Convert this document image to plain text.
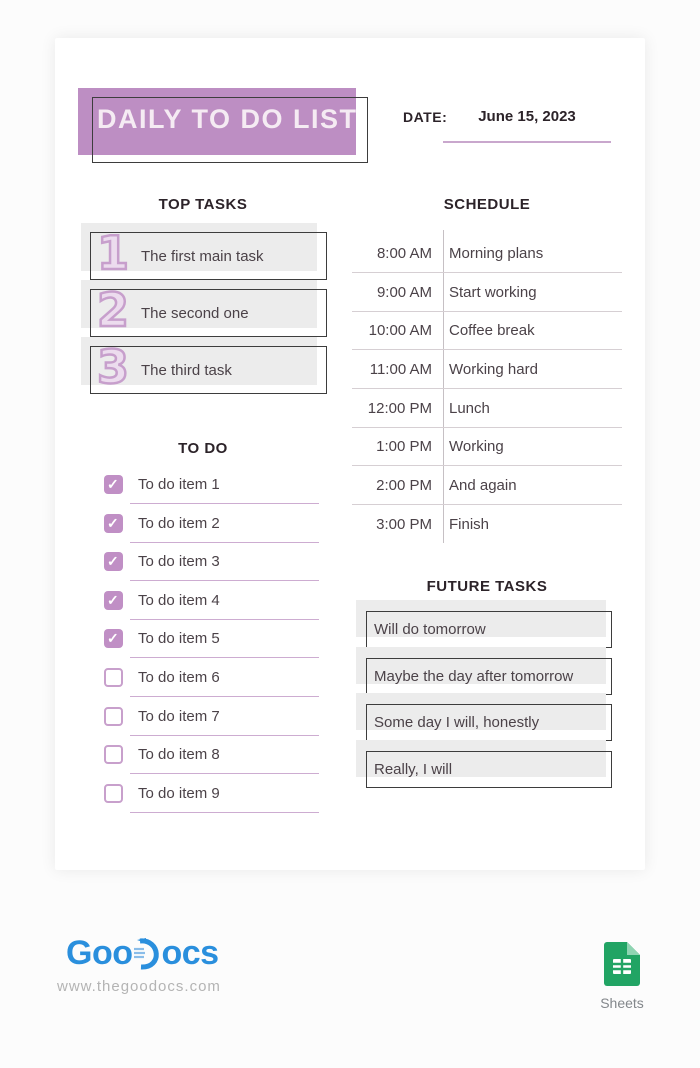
DAILY TO DO LIST	DATE:	June 15, 2023
TOP TASKS	SCHEDULE
TO DO
FUTURE TASKS
1 The first main task
2 The second one
3 The third task
8:00 AM Morning plans
9:00 AM Start working
10:00 AM Coffee break
11:00 AM Working hard
12:00 PM Lunch
1:00 PM Working
2:00 PM And again
3:00 PM Finish
✓ To do item 1
✓ To do item 2
✓ To do item 3
✓ To do item 4
✓ To do item 5
To do item 6
To do item 7
To do item 8
To do item 9
Will do tomorrow
Maybe the day after tomorrow
Some day I will, honestly
Really, I will
Goo ocs
www.thegoodocs.com
Sheets
